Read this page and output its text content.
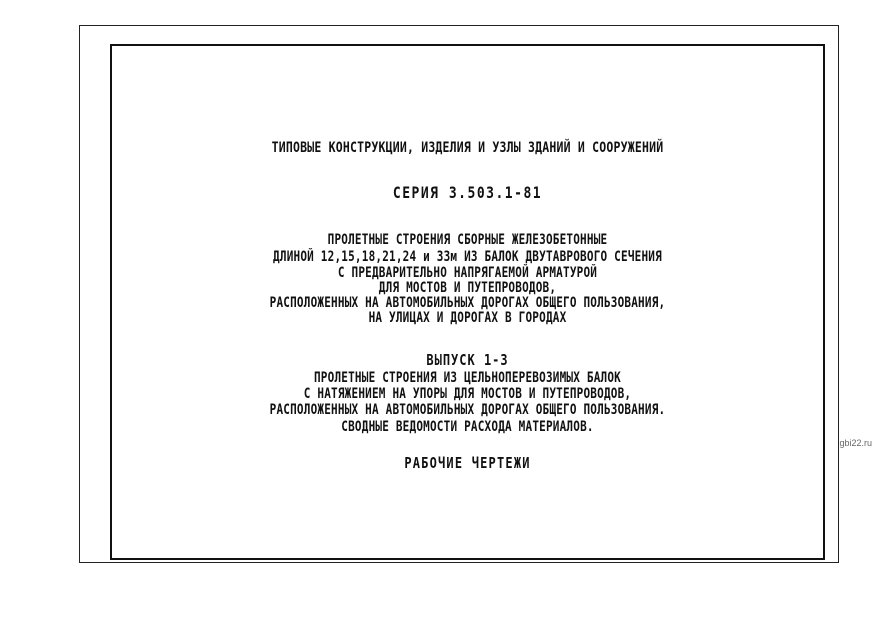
ТИПОВЫЕ КОНСТРУКЦИИ, ИЗДЕЛИЯ И УЗЛЫ ЗДАНИЙ И СООРУЖЕНИЙ
СЕРИЯ 3.503.1-81
ПРОЛЕТНЫЕ СТРОЕНИЯ СБОРНЫЕ ЖЕЛЕЗОБЕТОННЫЕ
ДЛИНОЙ 12,15,18,21,24 и 33м ИЗ БАЛОК ДВУТАВРОВОГО СЕЧЕНИЯ
С ПРЕДВАРИТЕЛЬНО НАПРЯГАЕМОЙ АРМАТУРОЙ
ДЛЯ МОСТОВ И ПУТЕПРОВОДОВ,
РАСПОЛОЖЕННЫХ НА АВТОМОБИЛЬНЫХ ДОРОГАХ ОБЩЕГО ПОЛЬЗОВАНИЯ,
НА УЛИЦАХ И ДОРОГАХ В ГОРОДАХ
ВЫПУСК 1-3
ПРОЛЕТНЫЕ СТРОЕНИЯ ИЗ ЦЕЛЬНОПЕРЕВОЗИМЫХ БАЛОК
С НАТЯЖЕНИЕМ НА УПОРЫ ДЛЯ МОСТОВ И ПУТЕПРОВОДОВ,
РАСПОЛОЖЕННЫХ НА АВТОМОБИЛЬНЫХ ДОРОГАХ ОБЩЕГО ПОЛЬЗОВАНИЯ.
СВОДНЫЕ ВЕДОМОСТИ РАСХОДА МАТЕРИАЛОВ.
РАБОЧИЕ ЧЕРТЕЖИ
gbi22.ru
